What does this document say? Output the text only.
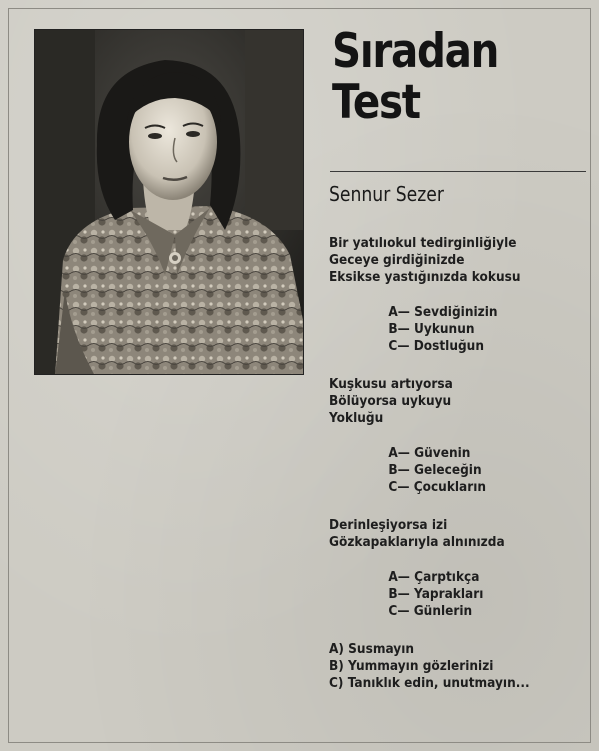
Sıradan
Test
Sennur Sezer
Bir yatılıokul tedirginliğiyle
Geceye girdiğinizde
Eksikse yastığınızda kokusu
A— Sevdiğinizin
B— Uykunun
C— Dostluğun
Kuşkusu artıyorsa
Bölüyorsa uykuyu
Yokluğu
A— Güvenin
B— Geleceğin
C— Çocukların
Derinleşiyorsa izi
Gözkapaklarıyla alnınızda
A— Çarptıkça
B— Yaprakları
C— Günlerin
A) Susmayın
B) Yummayın gözlerinizi
C) Tanıklık edin, unutmayın...
